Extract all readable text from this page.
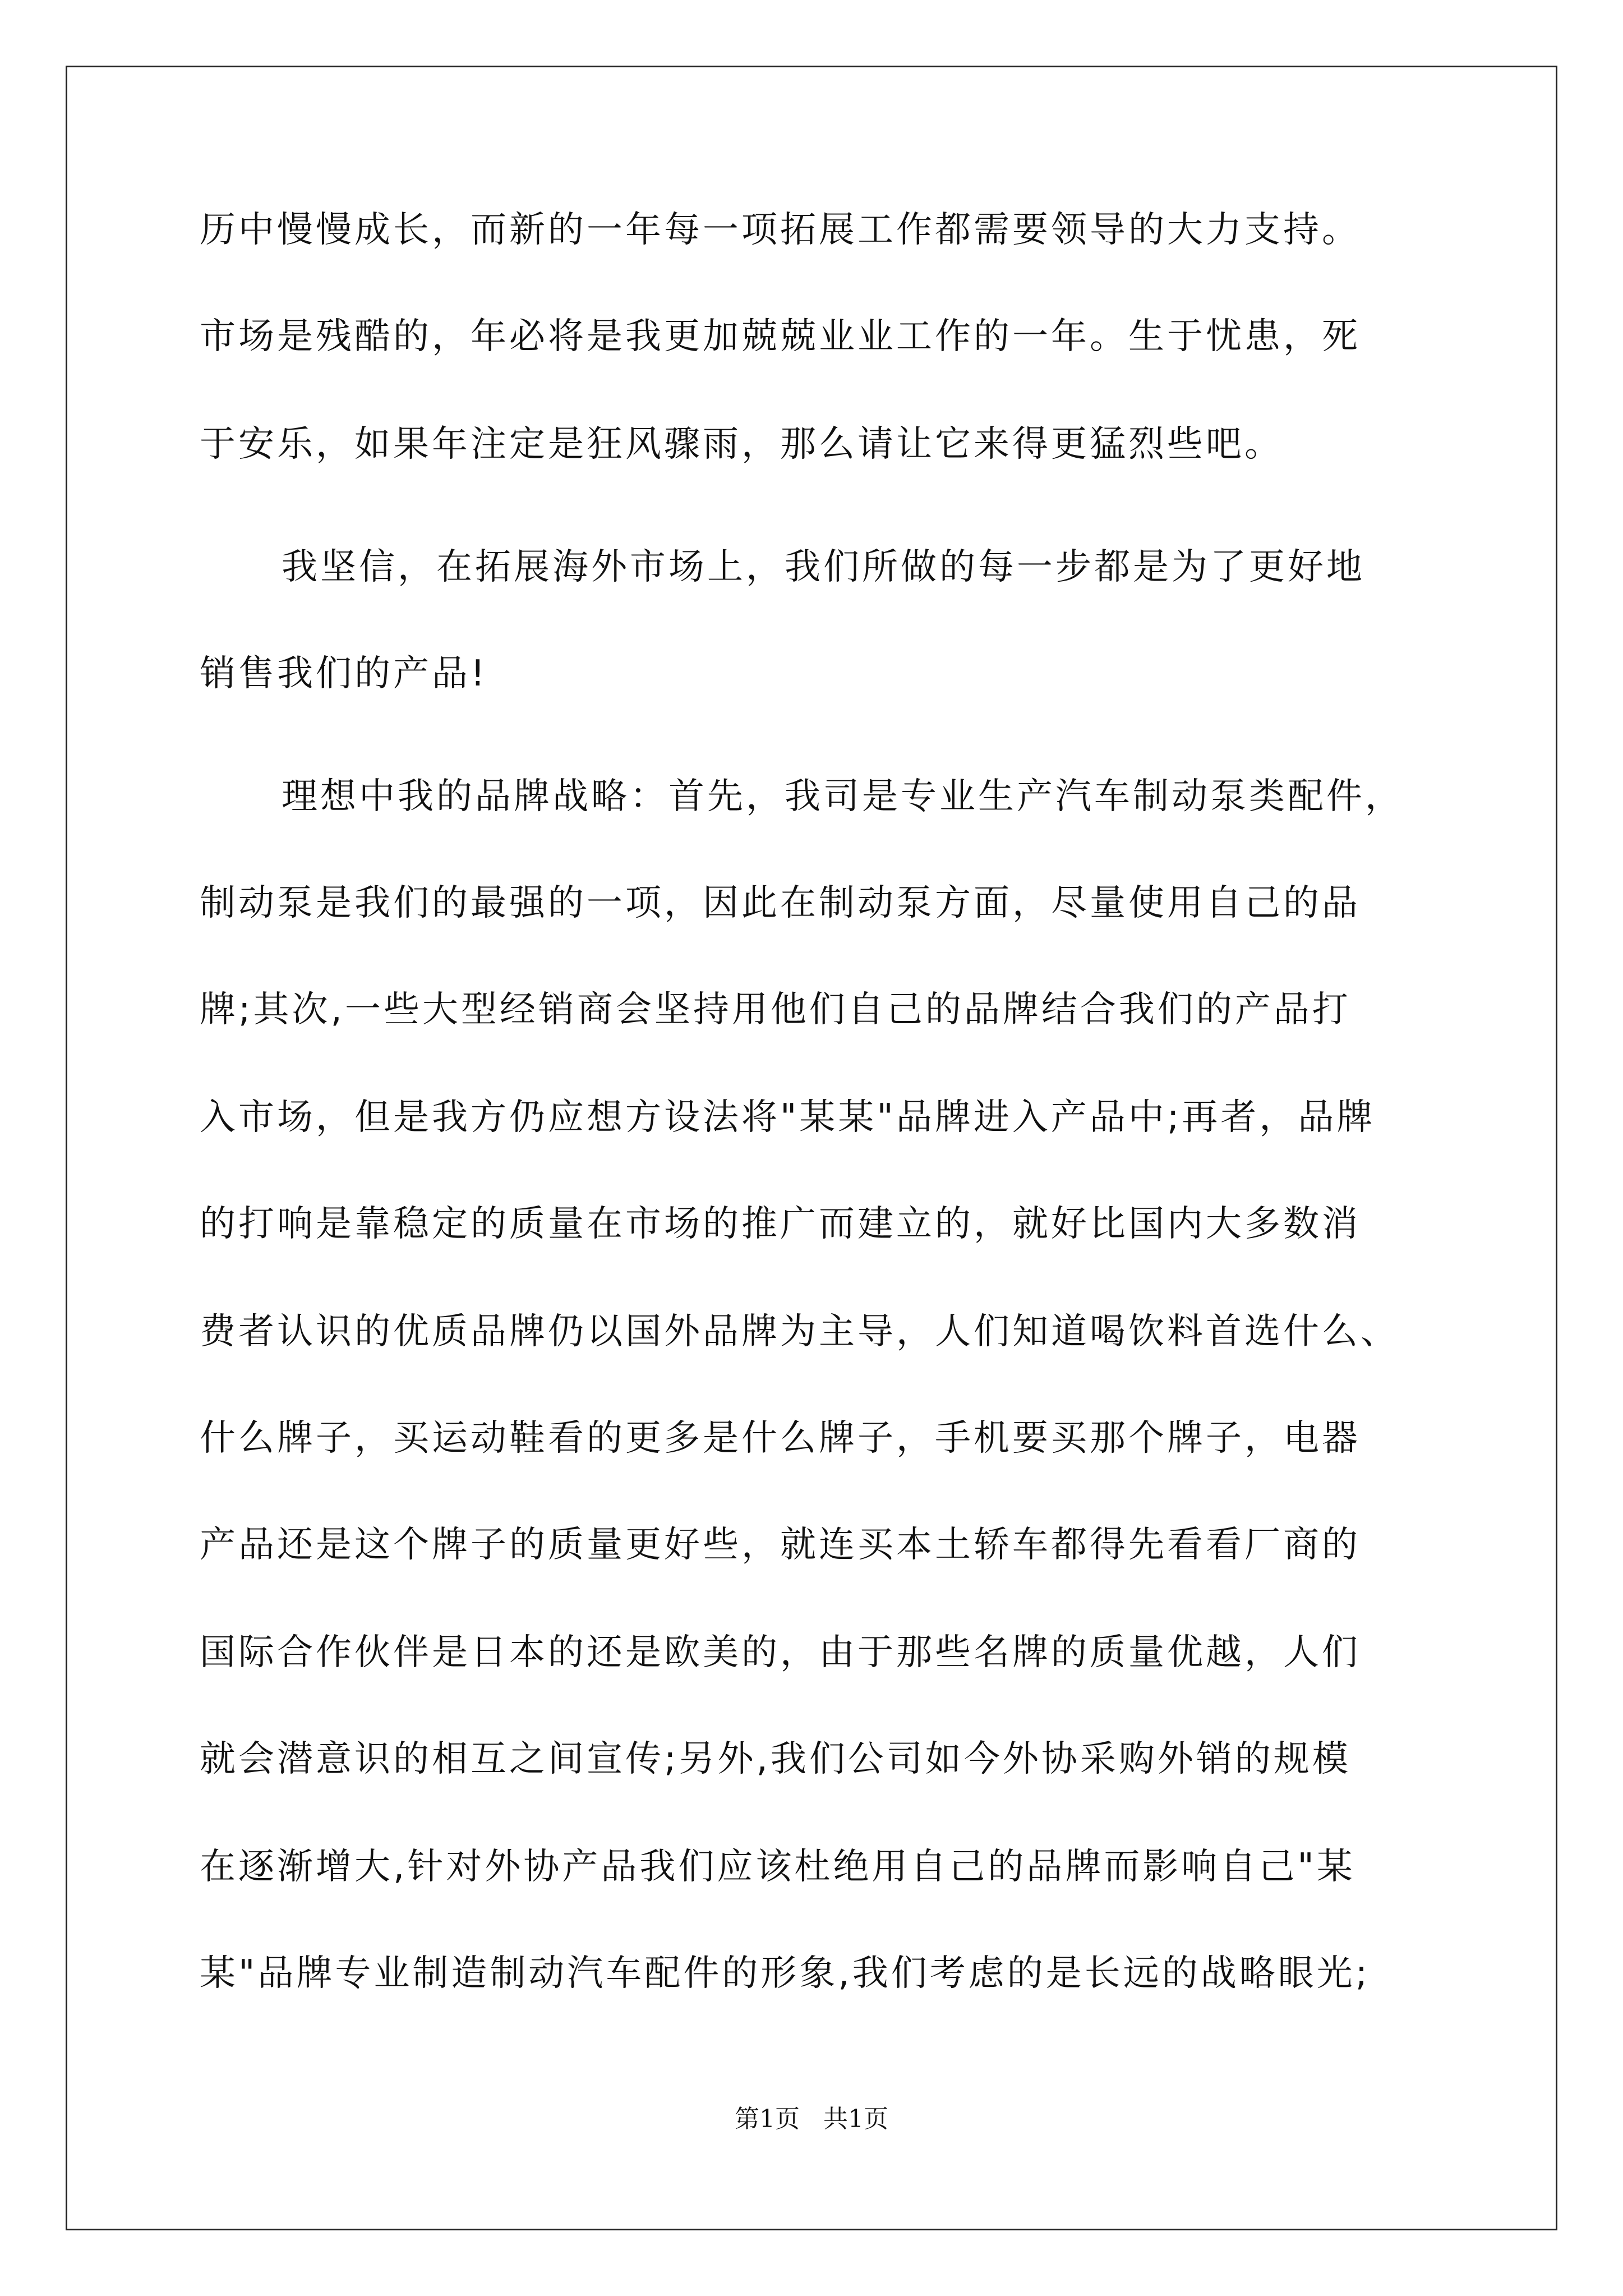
历中慢慢成长，而新的一年每一项拓展工作都需要领导的大力支持。
市场是残酷的，年必将是我更加兢兢业业工作的一年。生于忧患，死
于安乐，如果年注定是狂风骤雨，那么请让它来得更猛烈些吧。
我坚信，在拓展海外市场上，我们所做的每一步都是为了更好地
销售我们的产品!
理想中我的品牌战略：首先，我司是专业生产汽车制动泵类配件，
制动泵是我们的最强的一项，因此在制动泵方面，尽量使用自己的品
牌;其次,一些大型经销商会坚持用他们自己的品牌结合我们的产品打
入市场，但是我方仍应想方设法将"某某"品牌进入产品中;再者，品牌
的打响是靠稳定的质量在市场的推广而建立的，就好比国内大多数消
费者认识的优质品牌仍以国外品牌为主导，人们知道喝饮料首选什么、
什么牌子，买运动鞋看的更多是什么牌子，手机要买那个牌子，电器
产品还是这个牌子的质量更好些，就连买本土轿车都得先看看厂商的
国际合作伙伴是日本的还是欧美的，由于那些名牌的质量优越，人们
就会潜意识的相互之间宣传;另外,我们公司如今外协采购外销的规模
在逐渐增大,针对外协产品我们应该杜绝用自己的品牌而影响自己"某
某"品牌专业制造制动汽车配件的形象,我们考虑的是长远的战略眼光;
第1页   共1页
